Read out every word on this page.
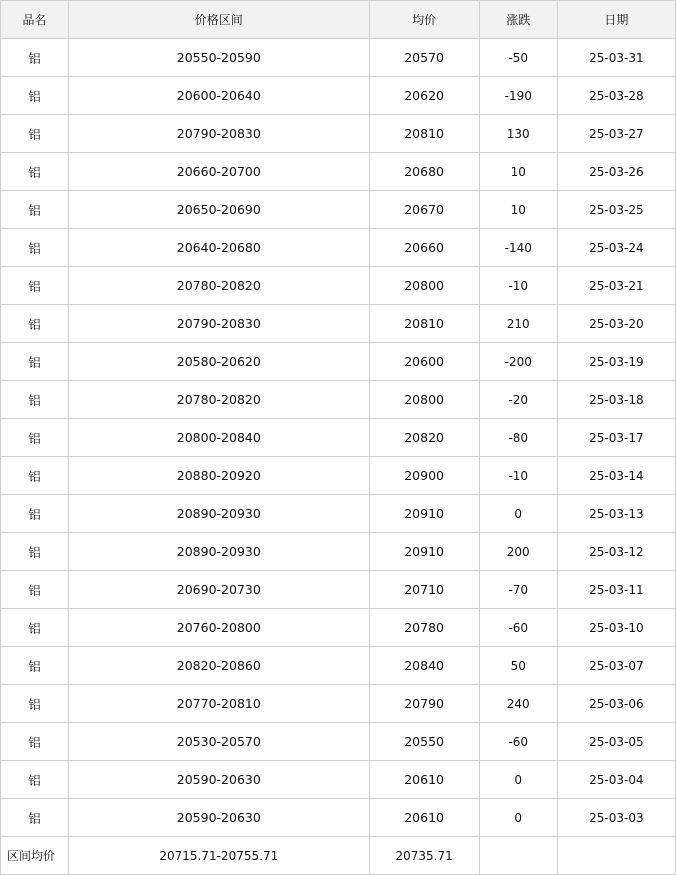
品名	价格区间	均价	涨跌	日期
铝	20550-20590	20570	-50	25-03-31
铝	20600-20640	20620	-190	25-03-28
铝	20790-20830	20810	130	25-03-27
铝	20660-20700	20680	10	25-03-26
铝	20650-20690	20670	10	25-03-25
铝	20640-20680	20660	-140	25-03-24
铝	20780-20820	20800	-10	25-03-21
铝	20790-20830	20810	210	25-03-20
铝	20580-20620	20600	-200	25-03-19
铝	20780-20820	20800	-20	25-03-18
铝	20800-20840	20820	-80	25-03-17
铝	20880-20920	20900	-10	25-03-14
铝	20890-20930	20910	0	25-03-13
铝	20890-20930	20910	200	25-03-12
铝	20690-20730	20710	-70	25-03-11
铝	20760-20800	20780	-60	25-03-10
铝	20820-20860	20840	50	25-03-07
铝	20770-20810	20790	240	25-03-06
铝	20530-20570	20550	-60	25-03-05
铝	20590-20630	20610	0	25-03-04
铝	20590-20630	20610	0	25-03-03
区间均价	20715.71-20755.71	20735.71		
